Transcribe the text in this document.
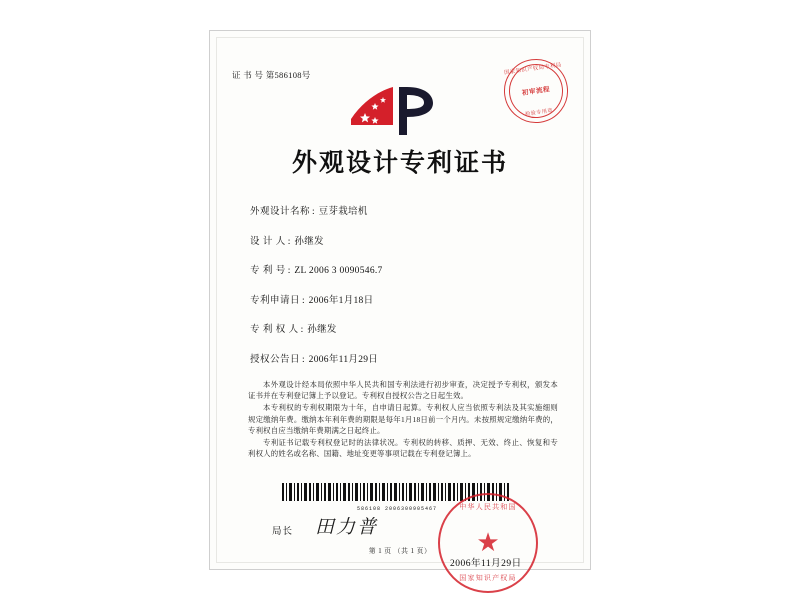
证 书 号 第586108号	国家知识产权局专利局
初审流程
检验专用章
外观设计专利证书
外观设计名称 : 豆芽栽培机
设 计 人 : 孙继发
专 利 号 : ZL 2006 3 0090546.7
专利申请日 : 2006年1月18日
专 利 权 人 : 孙继发
授权公告日 : 2006年11月29日

本外观设计经本局依照中华人民共和国专利法进行初步审查，决定授予专利权，颁发本证书并在专利登记簿上予以登记。专利权自授权公告之日起生效。

本专利权的专利权期限为十年，自申请日起算。专利权人应当依照专利法及其实施细则规定缴纳年费。缴纳本年利年费的期限是每年1月18日前一个月内。未按照规定缴纳年费的，专利权自应当缴纳年费期满之日起终止。

专利证书记载专利权登记时的法律状况。专利权的转移、质押、无效、终止、恢复和专利权人的姓名或名称、国籍、地址变更等事项记载在专利登记簿上。

586108 2006300905467
局长 田力普
中华人民共和国
★
国家知识产权局
2006年11月29日
第 1 页 （共 1 页）
